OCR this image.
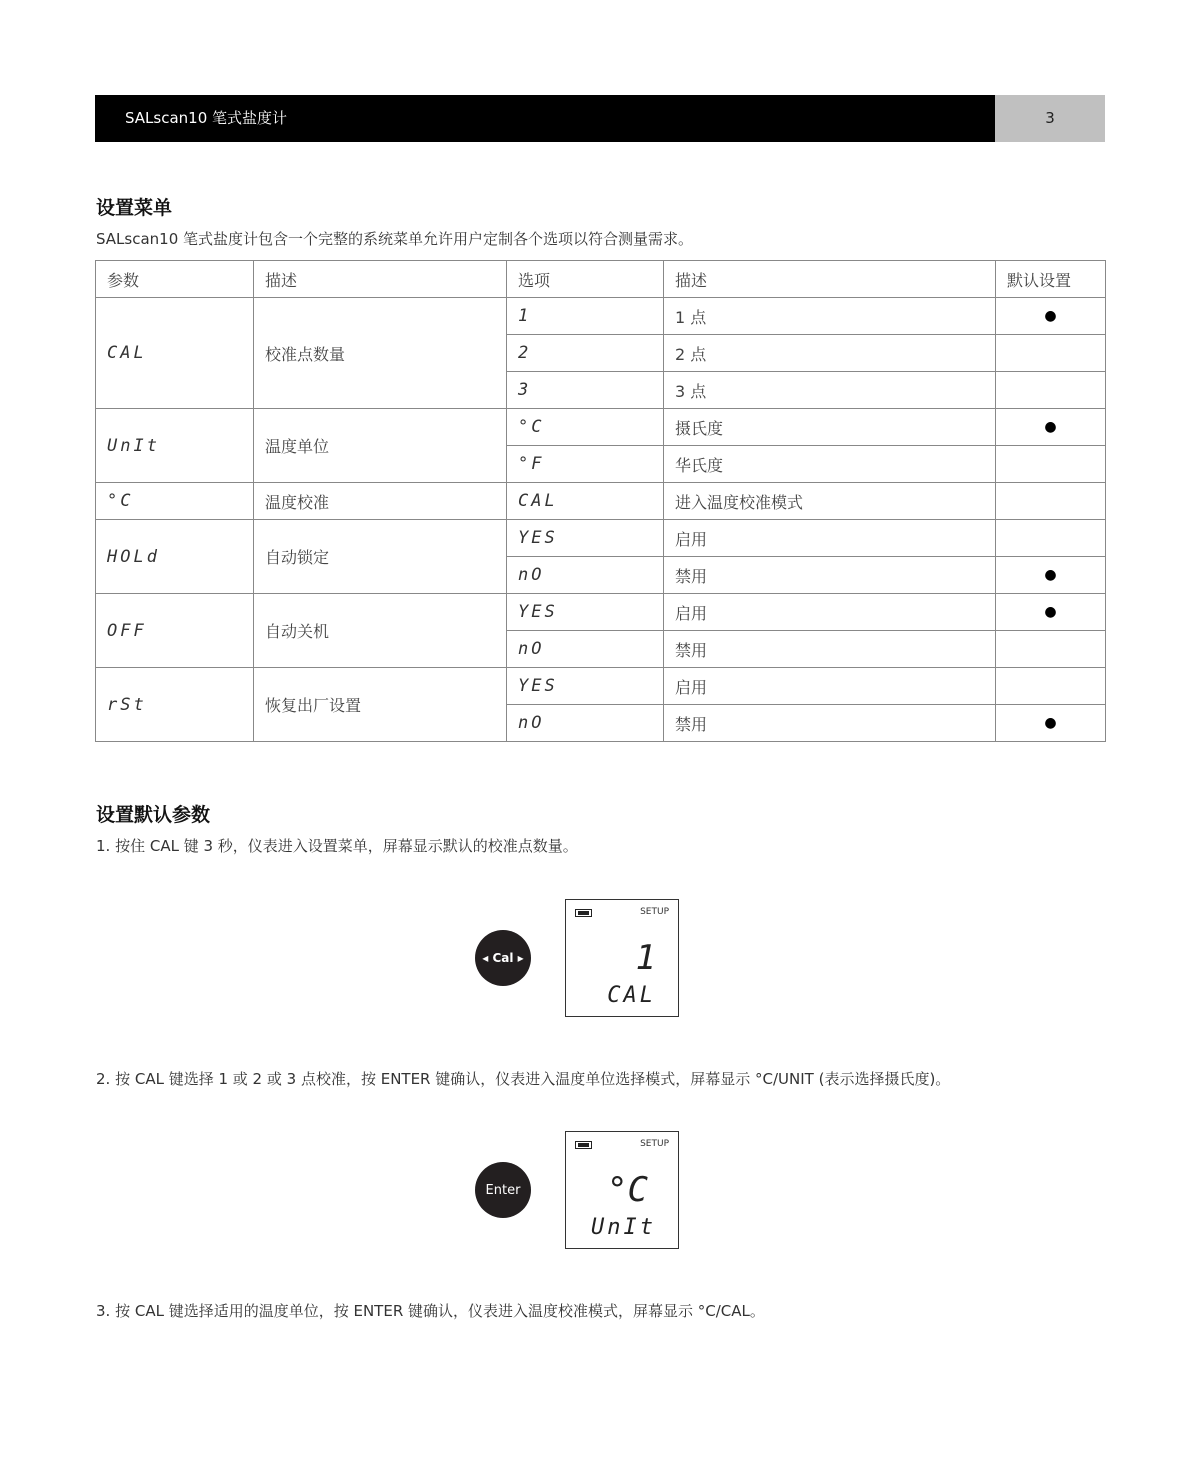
SALscan10 笔式盐度计	3
设置菜单
SALscan10 笔式盐度计包含一个完整的系统菜单允许用户定制各个选项以符合测量需求。
参数	描述	选项	描述	默认设置
CAL	校准点数量	1	1 点	●
		2	2 点	
		3	3 点	
UnIt	温度单位	°C	摄氏度	●
		°F	华氏度	
°C	温度校准	CAL	进入温度校准模式	
HOLd	自动锁定	YES	启用	
		nO	禁用	●
OFF	自动关机	YES	启用	●
		nO	禁用	
rSt	恢复出厂设置	YES	启用	
		nO	禁用	●
设置默认参数
1. 按住 CAL 键 3 秒，仪表进入设置菜单，屏幕显示默认的校准点数量。
◂ Cal ▸
SETUP
1
CAL
2. 按 CAL 键选择 1 或 2 或 3 点校准，按 ENTER 键确认，仪表进入温度单位选择模式，屏幕显示 °C/UNIT (表示选择摄氏度)。
Enter
SETUP
°C
UnIt
3. 按 CAL 键选择适用的温度单位，按 ENTER 键确认，仪表进入温度校准模式，屏幕显示 °C/CAL。
